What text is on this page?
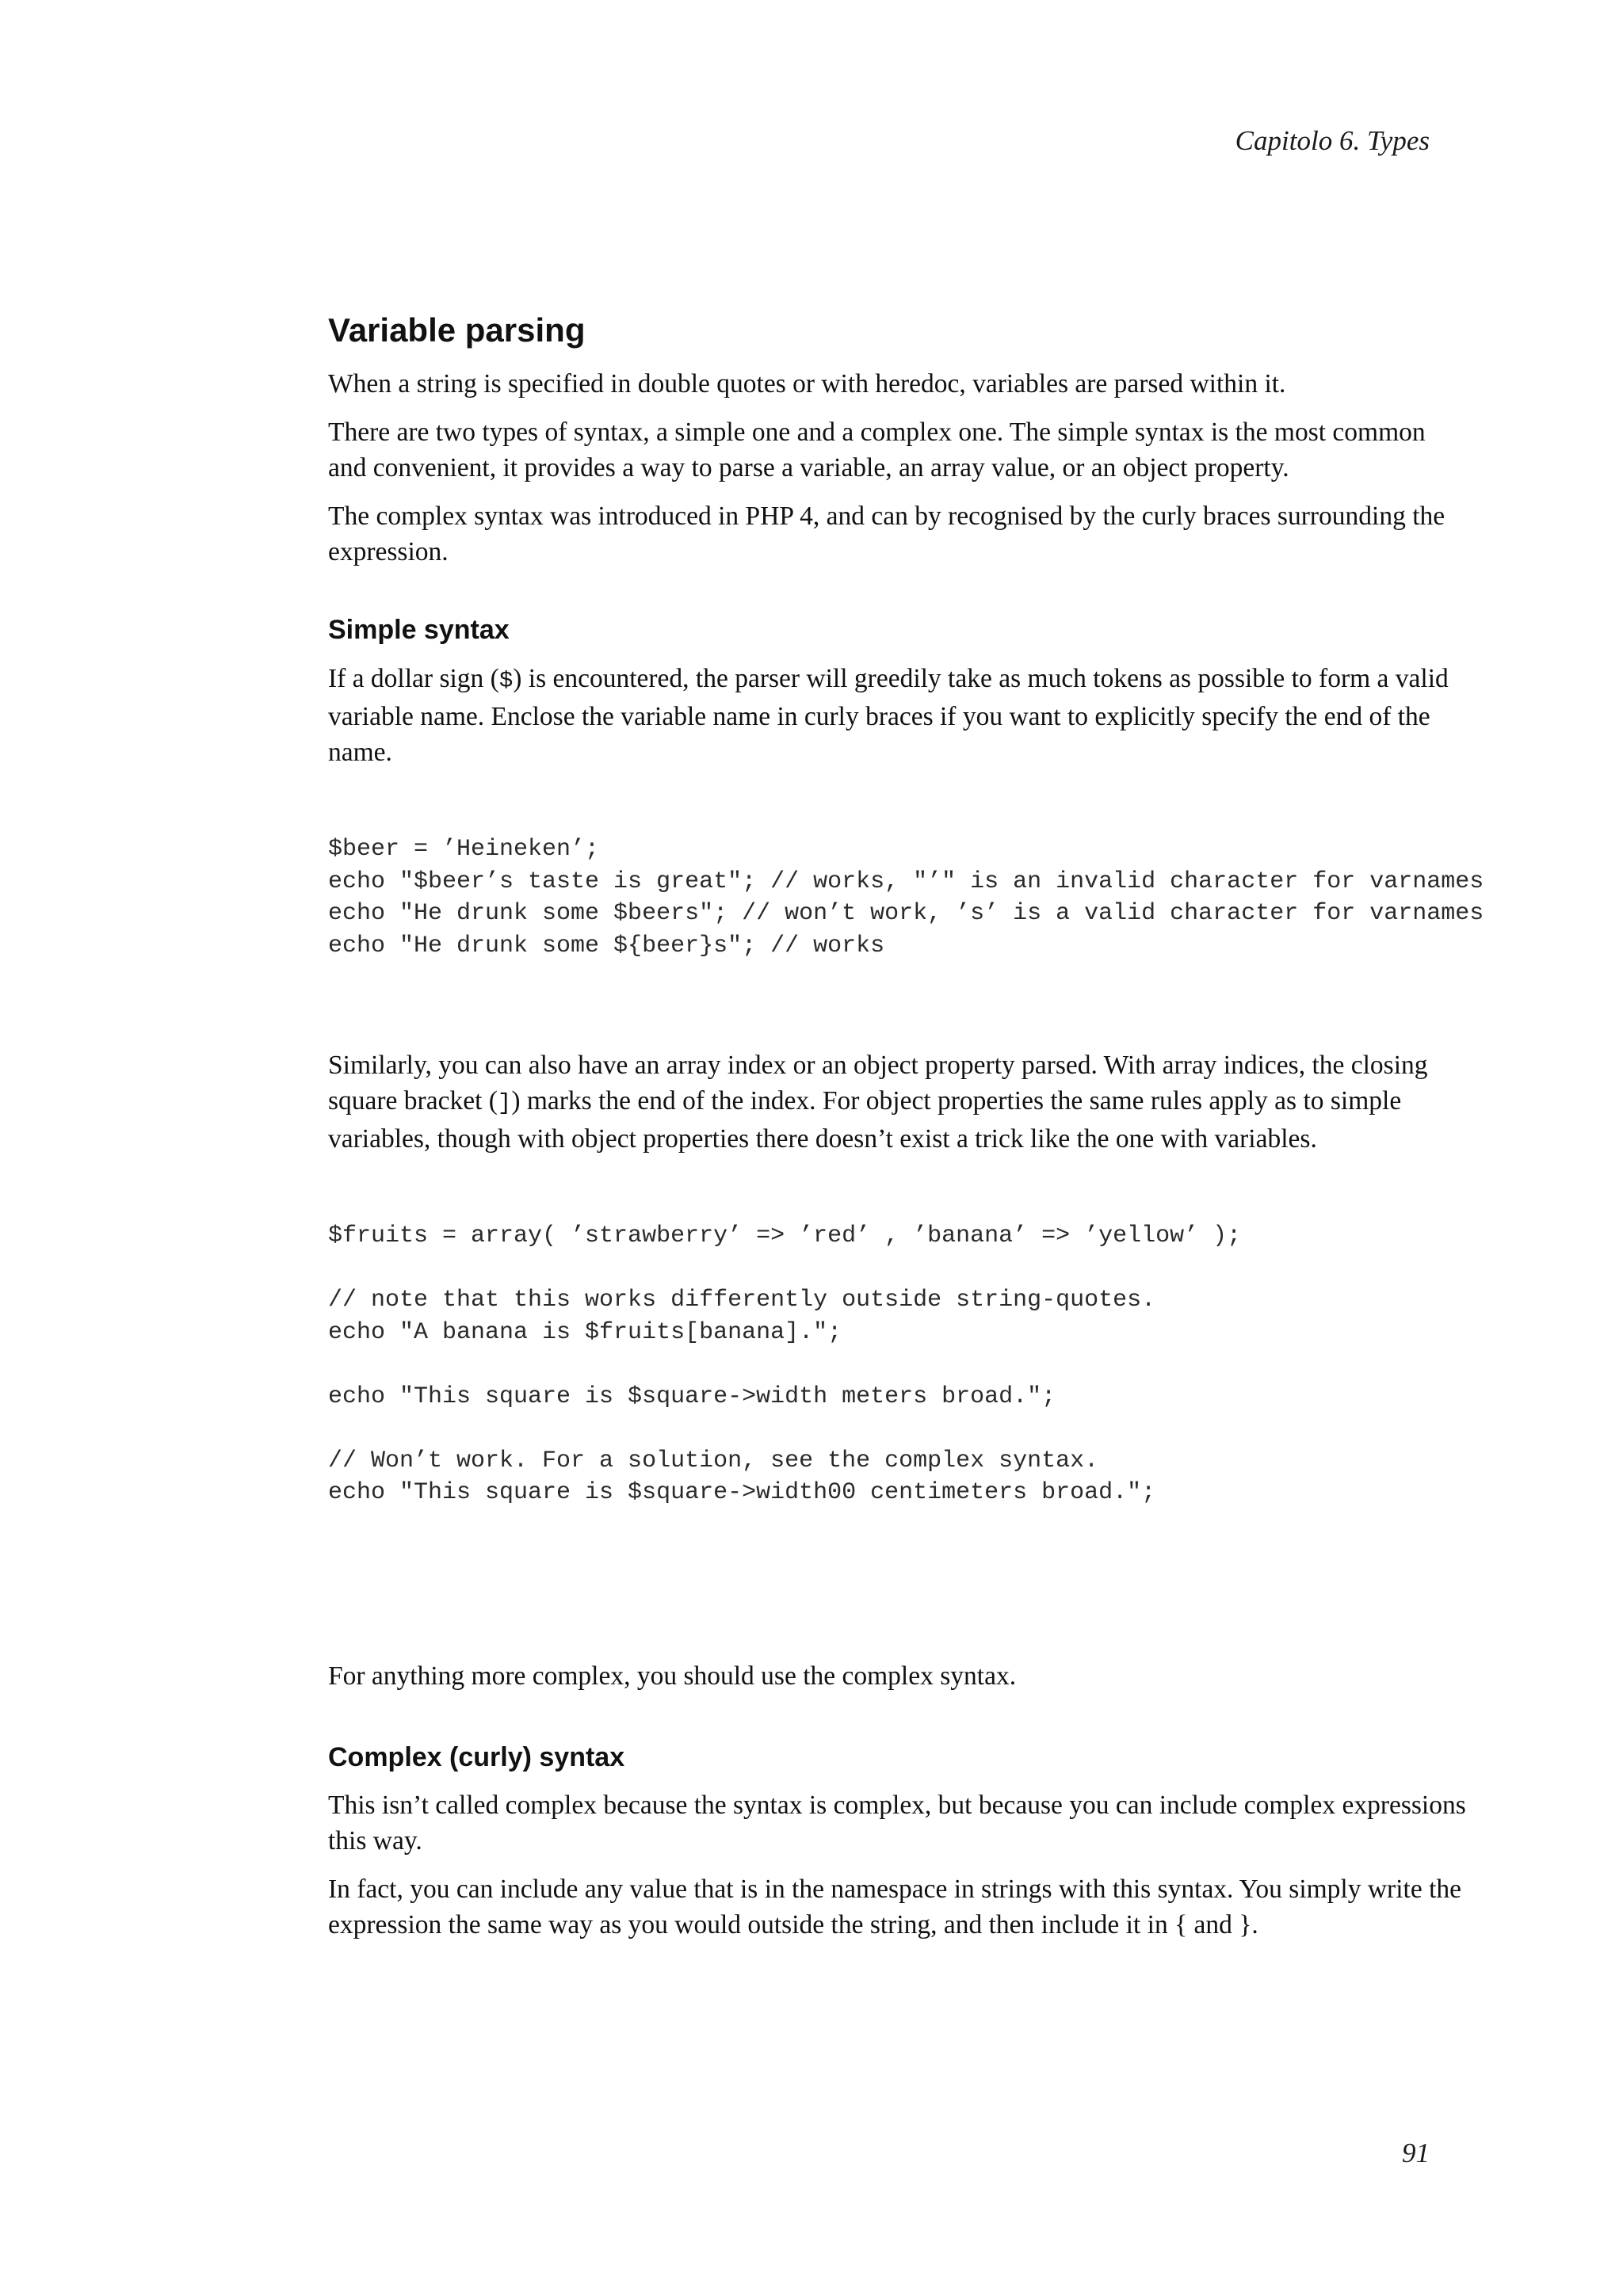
Capitolo 6. Types
Variable parsing

When a string is specified in double quotes or with heredoc, variables are parsed within it.

There are two types of syntax, a simple one and a complex one. The simple syntax is the most common and convenient, it provides a way to parse a variable, an array value, or an object property.

The complex syntax was introduced in PHP 4, and can by recognised by the curly braces surrounding the expression.

Simple syntax

If a dollar sign ($) is encountered, the parser will greedily take as much tokens as possible to form a valid variable name. Enclose the variable name in curly braces if you want to explicitly specify the end of the name.

$beer = ’Heineken’;
echo "$beer’s taste is great"; // works, "’" is an invalid character for varnames
echo "He drunk some $beers"; // won’t work, ’s’ is a valid character for varnames
echo "He drunk some ${beer}s"; // works

Similarly, you can also have an array index or an object property parsed. With array indices, the closing square bracket (]) marks the end of the index. For object properties the same rules apply as to simple variables, though with object properties there doesn’t exist a trick like the one with variables.

$fruits = array( ’strawberry’ => ’red’ , ’banana’ => ’yellow’ );

// note that this works differently outside string-quotes.
echo "A banana is $fruits[banana].";

echo "This square is $square->width meters broad.";

// Won’t work. For a solution, see the complex syntax.
echo "This square is $square->width00 centimeters broad.";

For anything more complex, you should use the complex syntax.

Complex (curly) syntax

This isn’t called complex because the syntax is complex, but because you can include complex expressions this way.

In fact, you can include any value that is in the namespace in strings with this syntax. You simply write the expression the same way as you would outside the string, and then include it in { and }.

91
